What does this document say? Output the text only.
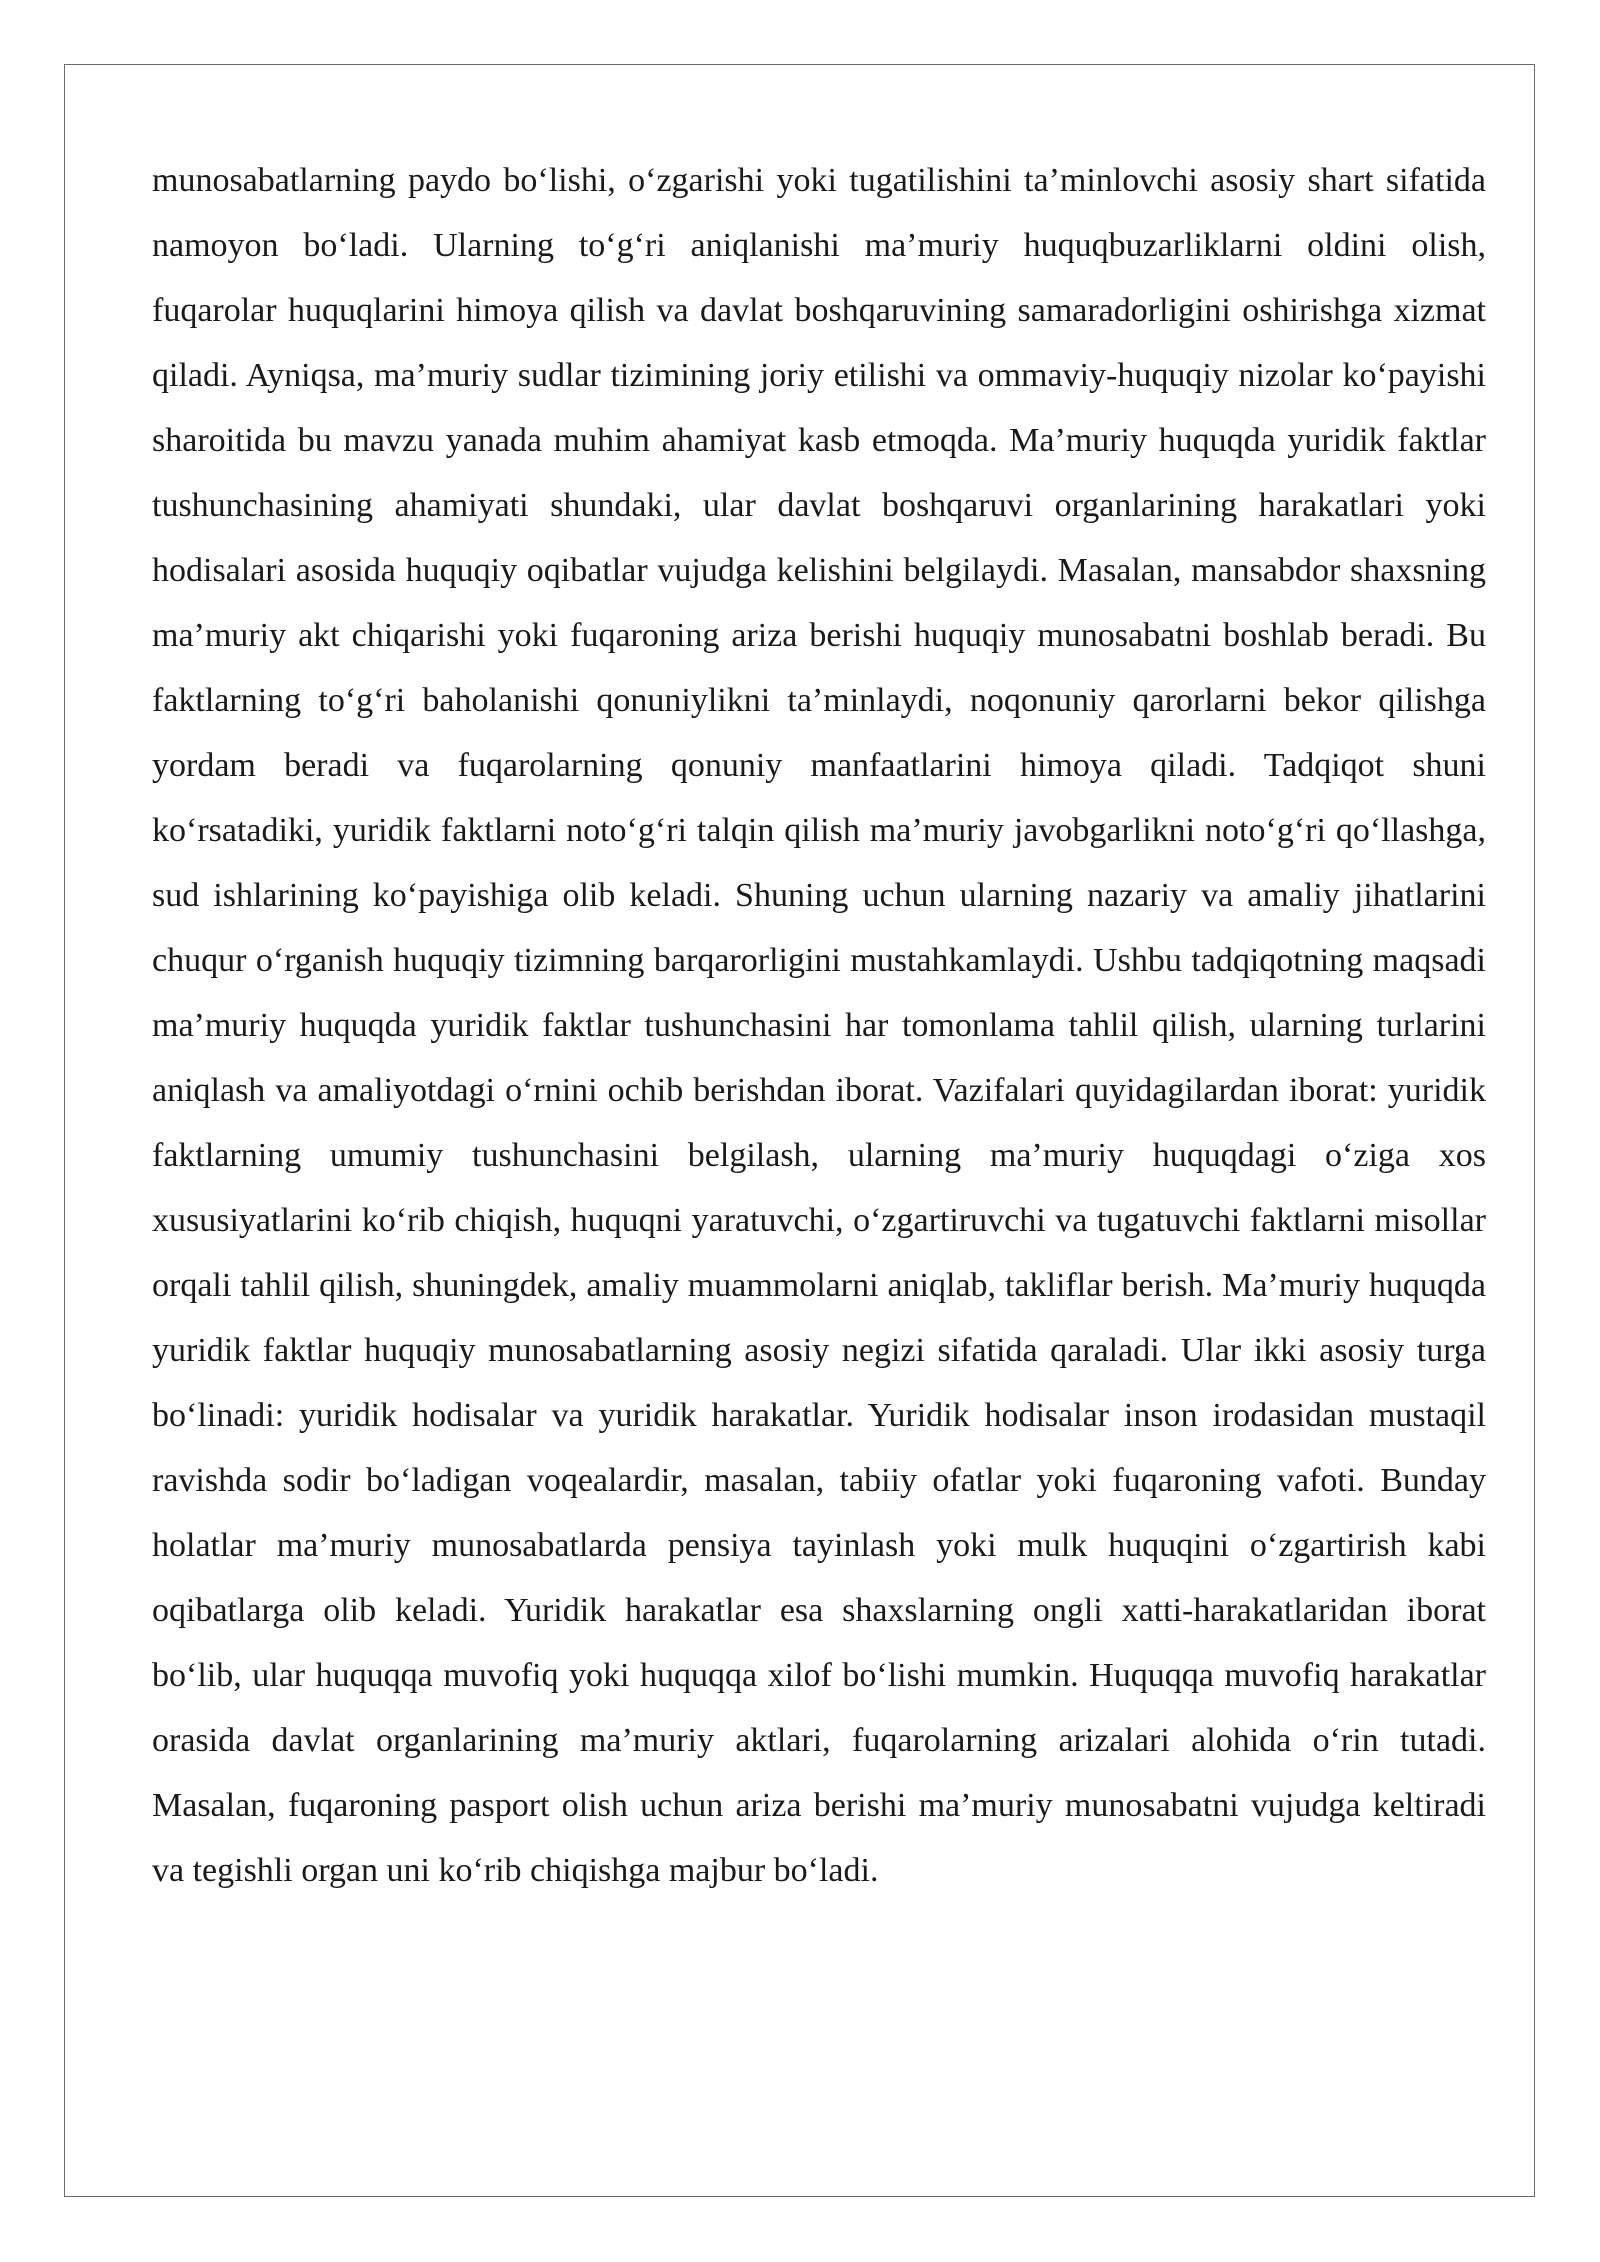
munosabatlarning paydo bo‘lishi, o‘zgarishi yoki tugatilishini ta’minlovchi asosiy shart sifatida namoyon bo‘ladi. Ularning to‘g‘ri aniqlanishi ma’muriy huquqbuzarliklarni oldini olish, fuqarolar huquqlarini himoya qilish va davlat boshqaruvining samaradorligini oshirishga xizmat qiladi. Ayniqsa, ma’muriy sudlar tizimining joriy etilishi va ommaviy-huquqiy nizolar ko‘payishi sharoitida bu mavzu yanada muhim ahamiyat kasb etmoqda. Ma’muriy huquqda yuridik faktlar tushunchasining ahamiyati shundaki, ular davlat boshqaruvi organlarining harakatlari yoki hodisalari asosida huquqiy oqibatlar vujudga kelishini belgilaydi. Masalan, mansabdor shaxsning ma’muriy akt chiqarishi yoki fuqaroning ariza berishi huquqiy munosabatni boshlab beradi. Bu faktlarning to‘g‘ri baholanishi qonuniylikni ta’minlaydi, noqonuniy qarorlarni bekor qilishga yordam beradi va fuqarolarning qonuniy manfaatlarini himoya qiladi. Tadqiqot shuni ko‘rsatadiki, yuridik faktlarni noto‘g‘ri talqin qilish ma’muriy javobgarlikni noto‘g‘ri qo‘llashga, sud ishlarining ko‘payishiga olib keladi. Shuning uchun ularning nazariy va amaliy jihatlarini chuqur o‘rganish huquqiy tizimning barqarorligini mustahkamlaydi. Ushbu tadqiqotning maqsadi ma’muriy huquqda yuridik faktlar tushunchasini har tomonlama tahlil qilish, ularning turlarini aniqlash va amaliyotdagi o‘rnini ochib berishdan iborat. Vazifalari quyidagilardan iborat: yuridik faktlarning umumiy tushunchasini belgilash, ularning ma’muriy huquqdagi o‘ziga xos xususiyatlarini ko‘rib chiqish, huquqni yaratuvchi, o‘zgartiruvchi va tugatuvchi faktlarni misollar orqali tahlil qilish, shuningdek, amaliy muammolarni aniqlab, takliflar berish. Ma’muriy huquqda yuridik faktlar huquqiy munosabatlarning asosiy negizi sifatida qaraladi. Ular ikki asosiy turga bo‘linadi: yuridik hodisalar va yuridik harakatlar. Yuridik hodisalar inson irodasidan mustaqil ravishda sodir bo‘ladigan voqealardir, masalan, tabiiy ofatlar yoki fuqaroning vafoti. Bunday holatlar ma’muriy munosabatlarda pensiya tayinlash yoki mulk huquqini o‘zgartirish kabi oqibatlarga olib keladi. Yuridik harakatlar esa shaxslarning ongli xatti-harakatlaridan iborat bo‘lib, ular huquqqa muvofiq yoki huquqqa xilof bo‘lishi mumkin. Huquqqa muvofiq harakatlar orasida davlat organlarining ma’muriy aktlari, fuqarolarning arizalari alohida o‘rin tutadi. Masalan, fuqaroning pasport olish uchun ariza berishi ma’muriy munosabatni vujudga keltiradi va tegishli organ uni ko‘rib chiqishga majbur bo‘ladi.
